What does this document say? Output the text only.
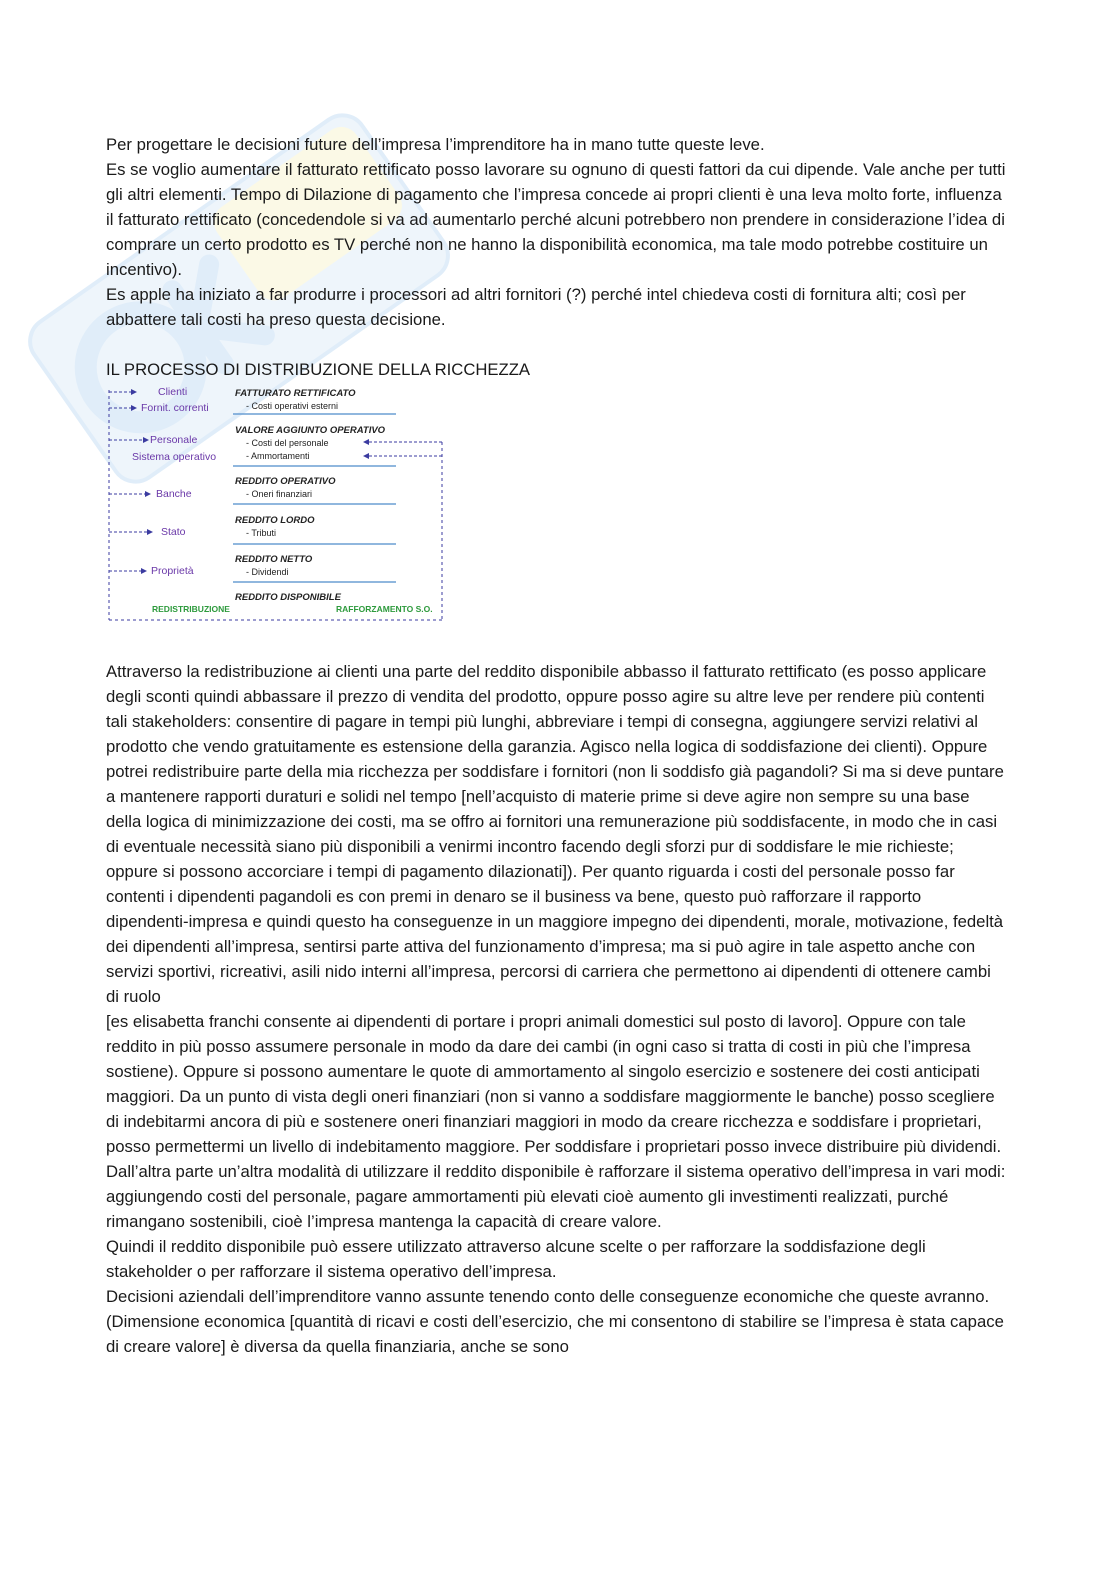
Per progettare le decisioni future dell’impresa l’imprenditore ha in mano tutte queste leve.

Es se voglio aumentare il fatturato rettificato posso lavorare su ognuno di questi fattori da cui dipende. Vale anche per tutti gli altri elementi. Tempo di Dilazione di pagamento che l’impresa concede ai propri clienti è una leva molto forte, influenza il fatturato rettificato (concedendole si va ad aumentarlo perché alcuni potrebbero non prendere in considerazione l’idea di comprare un certo prodotto es TV perché non ne hanno la disponibilità economica, ma tale modo potrebbe costituire un incentivo).

Es apple ha iniziato a far produrre i processori ad altri fornitori (?) perché intel chiedeva costi di fornitura alti; così per abbattere tali costi ha preso questa decisione.

IL PROCESSO DI DISTRIBUZIONE DELLA RICCHEZZA

Clienti
Fornit. correnti
Personale
Sistema operativo
Banche
Stato
Proprietà
FATTURATO RETTIFICATO
- Costi operativi esterni
VALORE AGGIUNTO OPERATIVO
- Costi del personale
- Ammortamenti
REDDITO OPERATIVO
- Oneri finanziari
REDDITO LORDO
- Tributi
REDDITO NETTO
- Dividendi
REDDITO DISPONIBILE
REDISTRIBUZIONE	RAFFORZAMENTO S.O.

Attraverso la redistribuzione ai clienti una parte del reddito disponibile abbasso il fatturato rettificato (es posso applicare degli sconti quindi abbassare il prezzo di vendita del prodotto, oppure posso agire su altre leve per rendere più contenti tali stakeholders: consentire di pagare in tempi più lunghi, abbreviare i tempi di consegna, aggiungere servizi relativi al prodotto che vendo gratuitamente es estensione della garanzia. Agisco nella logica di soddisfazione dei clienti). Oppure potrei redistribuire parte della mia ricchezza per soddisfare i fornitori (non li soddisfo già pagandoli? Si ma si deve puntare a mantenere rapporti duraturi e solidi nel tempo [nell’acquisto di materie prime si deve agire non sempre su una base della logica di minimizzazione dei costi, ma se offro ai fornitori una remunerazione più soddisfacente, in modo che in casi di eventuale necessità siano più disponibili a venirmi incontro facendo degli sforzi pur di soddisfare le mie richieste; oppure si possono accorciare i tempi di pagamento dilazionati]). Per quanto riguarda i costi del personale posso far contenti i dipendenti pagandoli es con premi in denaro se il business va bene, questo può rafforzare il rapporto dipendenti-impresa e quindi questo ha conseguenze in un maggiore impegno dei dipendenti, morale, motivazione, fedeltà dei dipendenti all’impresa, sentirsi parte attiva del funzionamento d’impresa; ma si può agire in tale aspetto anche con servizi sportivi, ricreativi, asili nido interni all’impresa, percorsi di carriera che permettono ai dipendenti di ottenere cambi di ruolo

[es elisabetta franchi consente ai dipendenti di portare i propri animali domestici sul posto di lavoro]. Oppure con tale reddito in più posso assumere personale in modo da dare dei cambi (in ogni caso si tratta di costi in più che l’impresa sostiene). Oppure si possono aumentare le quote di ammortamento al singolo esercizio e sostenere dei costi anticipati maggiori. Da un punto di vista degli oneri finanziari (non si vanno a soddisfare maggiormente le banche) posso scegliere di indebitarmi ancora di più e sostenere oneri finanziari maggiori in modo da creare ricchezza e soddisfare i proprietari, posso permettermi un livello di indebitamento maggiore. Per soddisfare i proprietari posso invece distribuire più dividendi.

Dall’altra parte un’altra modalità di utilizzare il reddito disponibile è rafforzare il sistema operativo dell’impresa in vari modi: aggiungendo costi del personale, pagare ammortamenti più elevati cioè aumento gli investimenti realizzati, purché rimangano sostenibili, cioè l’impresa mantenga la capacità di creare valore.

Quindi il reddito disponibile può essere utilizzato attraverso alcune scelte o per rafforzare la soddisfazione degli stakeholder o per rafforzare il sistema operativo dell’impresa.

Decisioni aziendali dell’imprenditore vanno assunte tenendo conto delle conseguenze economiche che queste avranno. (Dimensione economica [quantità di ricavi e costi dell’esercizio, che mi consentono di stabilire se l’impresa è stata capace di creare valore] è diversa da quella finanziaria, anche se sono
